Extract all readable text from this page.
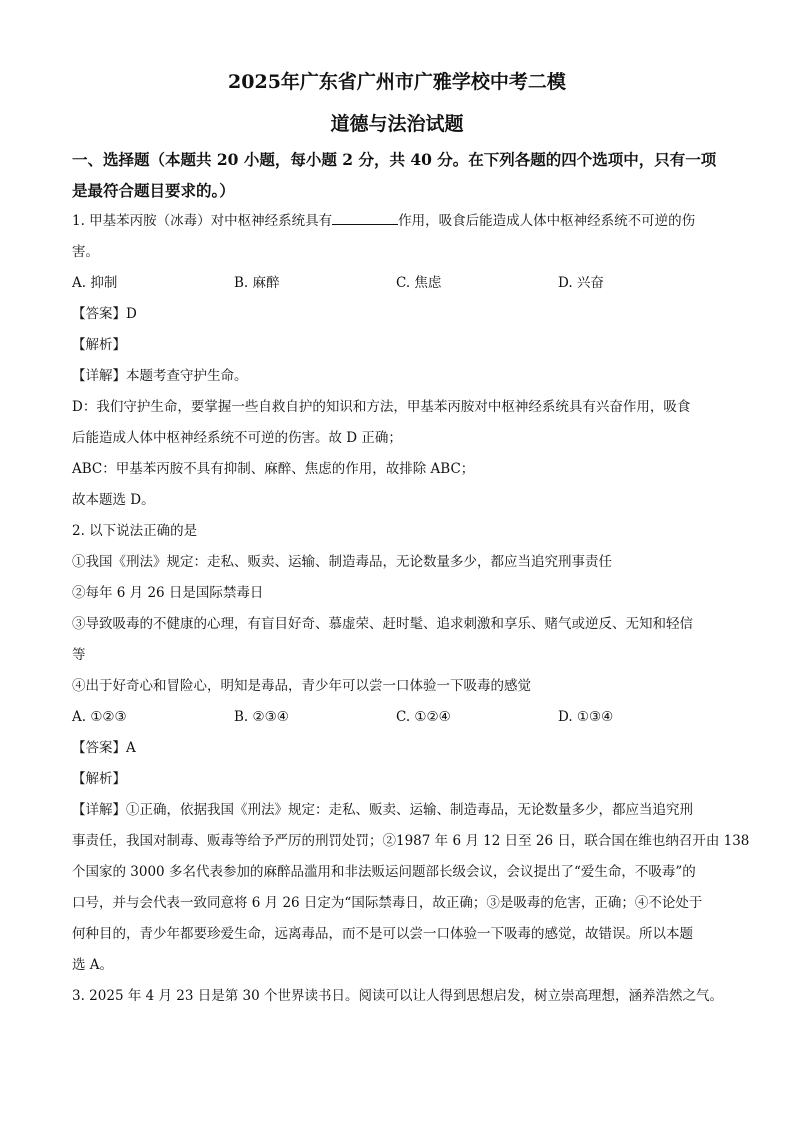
2025年广东省广州市广雅学校中考二模
道德与法治试题

一、选择题（本题共 20 小题，每小题 2 分，共 40 分。在下列各题的四个选项中，只有一项

是最符合题目要求的。）

1. 甲基苯丙胺（冰毒）对中枢神经系统具有	作用，吸食后能造成人体中枢神经系统不可逆的伤

害。

A. 抑制	B. 麻醉	C. 焦虑	D. 兴奋

【答案】D

【解析】

【详解】本题考查守护生命。

D：我们守护生命，要掌握一些自救自护的知识和方法，甲基苯丙胺对中枢神经系统具有兴奋作用，吸食

后能造成人体中枢神经系统不可逆的伤害。故 D 正确；

ABC：甲基苯丙胺不具有抑制、麻醉、焦虑的作用，故排除 ABC；

故本题选 D。

2. 以下说法正确的是

①我国《刑法》规定：走私、贩卖、运输、制造毒品，无论数量多少，都应当追究刑事责任

②每年 6 月 26 日是国际禁毒日

③导致吸毒的不健康的心理，有盲目好奇、慕虚荣、赶时髦、追求刺激和享乐、赌气或逆反、无知和轻信

等

④出于好奇心和冒险心，明知是毒品，青少年可以尝一口体验一下吸毒的感觉

A. ①②③	B. ②③④	C. ①②④	D. ①③④

【答案】A

【解析】

【详解】①正确，依据我国《刑法》规定：走私、贩卖、运输、制造毒品，无论数量多少，都应当追究刑

事责任，我国对制毒、贩毒等给予严厉的刑罚处罚；②1987 年 6 月 12 日至 26 日，联合国在维也纳召开由 138

个国家的 3000 多名代表参加的麻醉品滥用和非法贩运问题部长级会议，会议提出了“爱生命，不吸毒”的

口号，并与会代表一致同意将 6 月 26 日定为“国际禁毒日，故正确；③是吸毒的危害，正确；④不论处于

何种目的，青少年都要珍爱生命，远离毒品，而不是可以尝一口体验一下吸毒的感觉，故错误。所以本题

选 A。

3. 2025 年 4 月 23 日是第 30 个世界读书日。阅读可以让人得到思想启发，树立崇高理想，涵养浩然之气。
